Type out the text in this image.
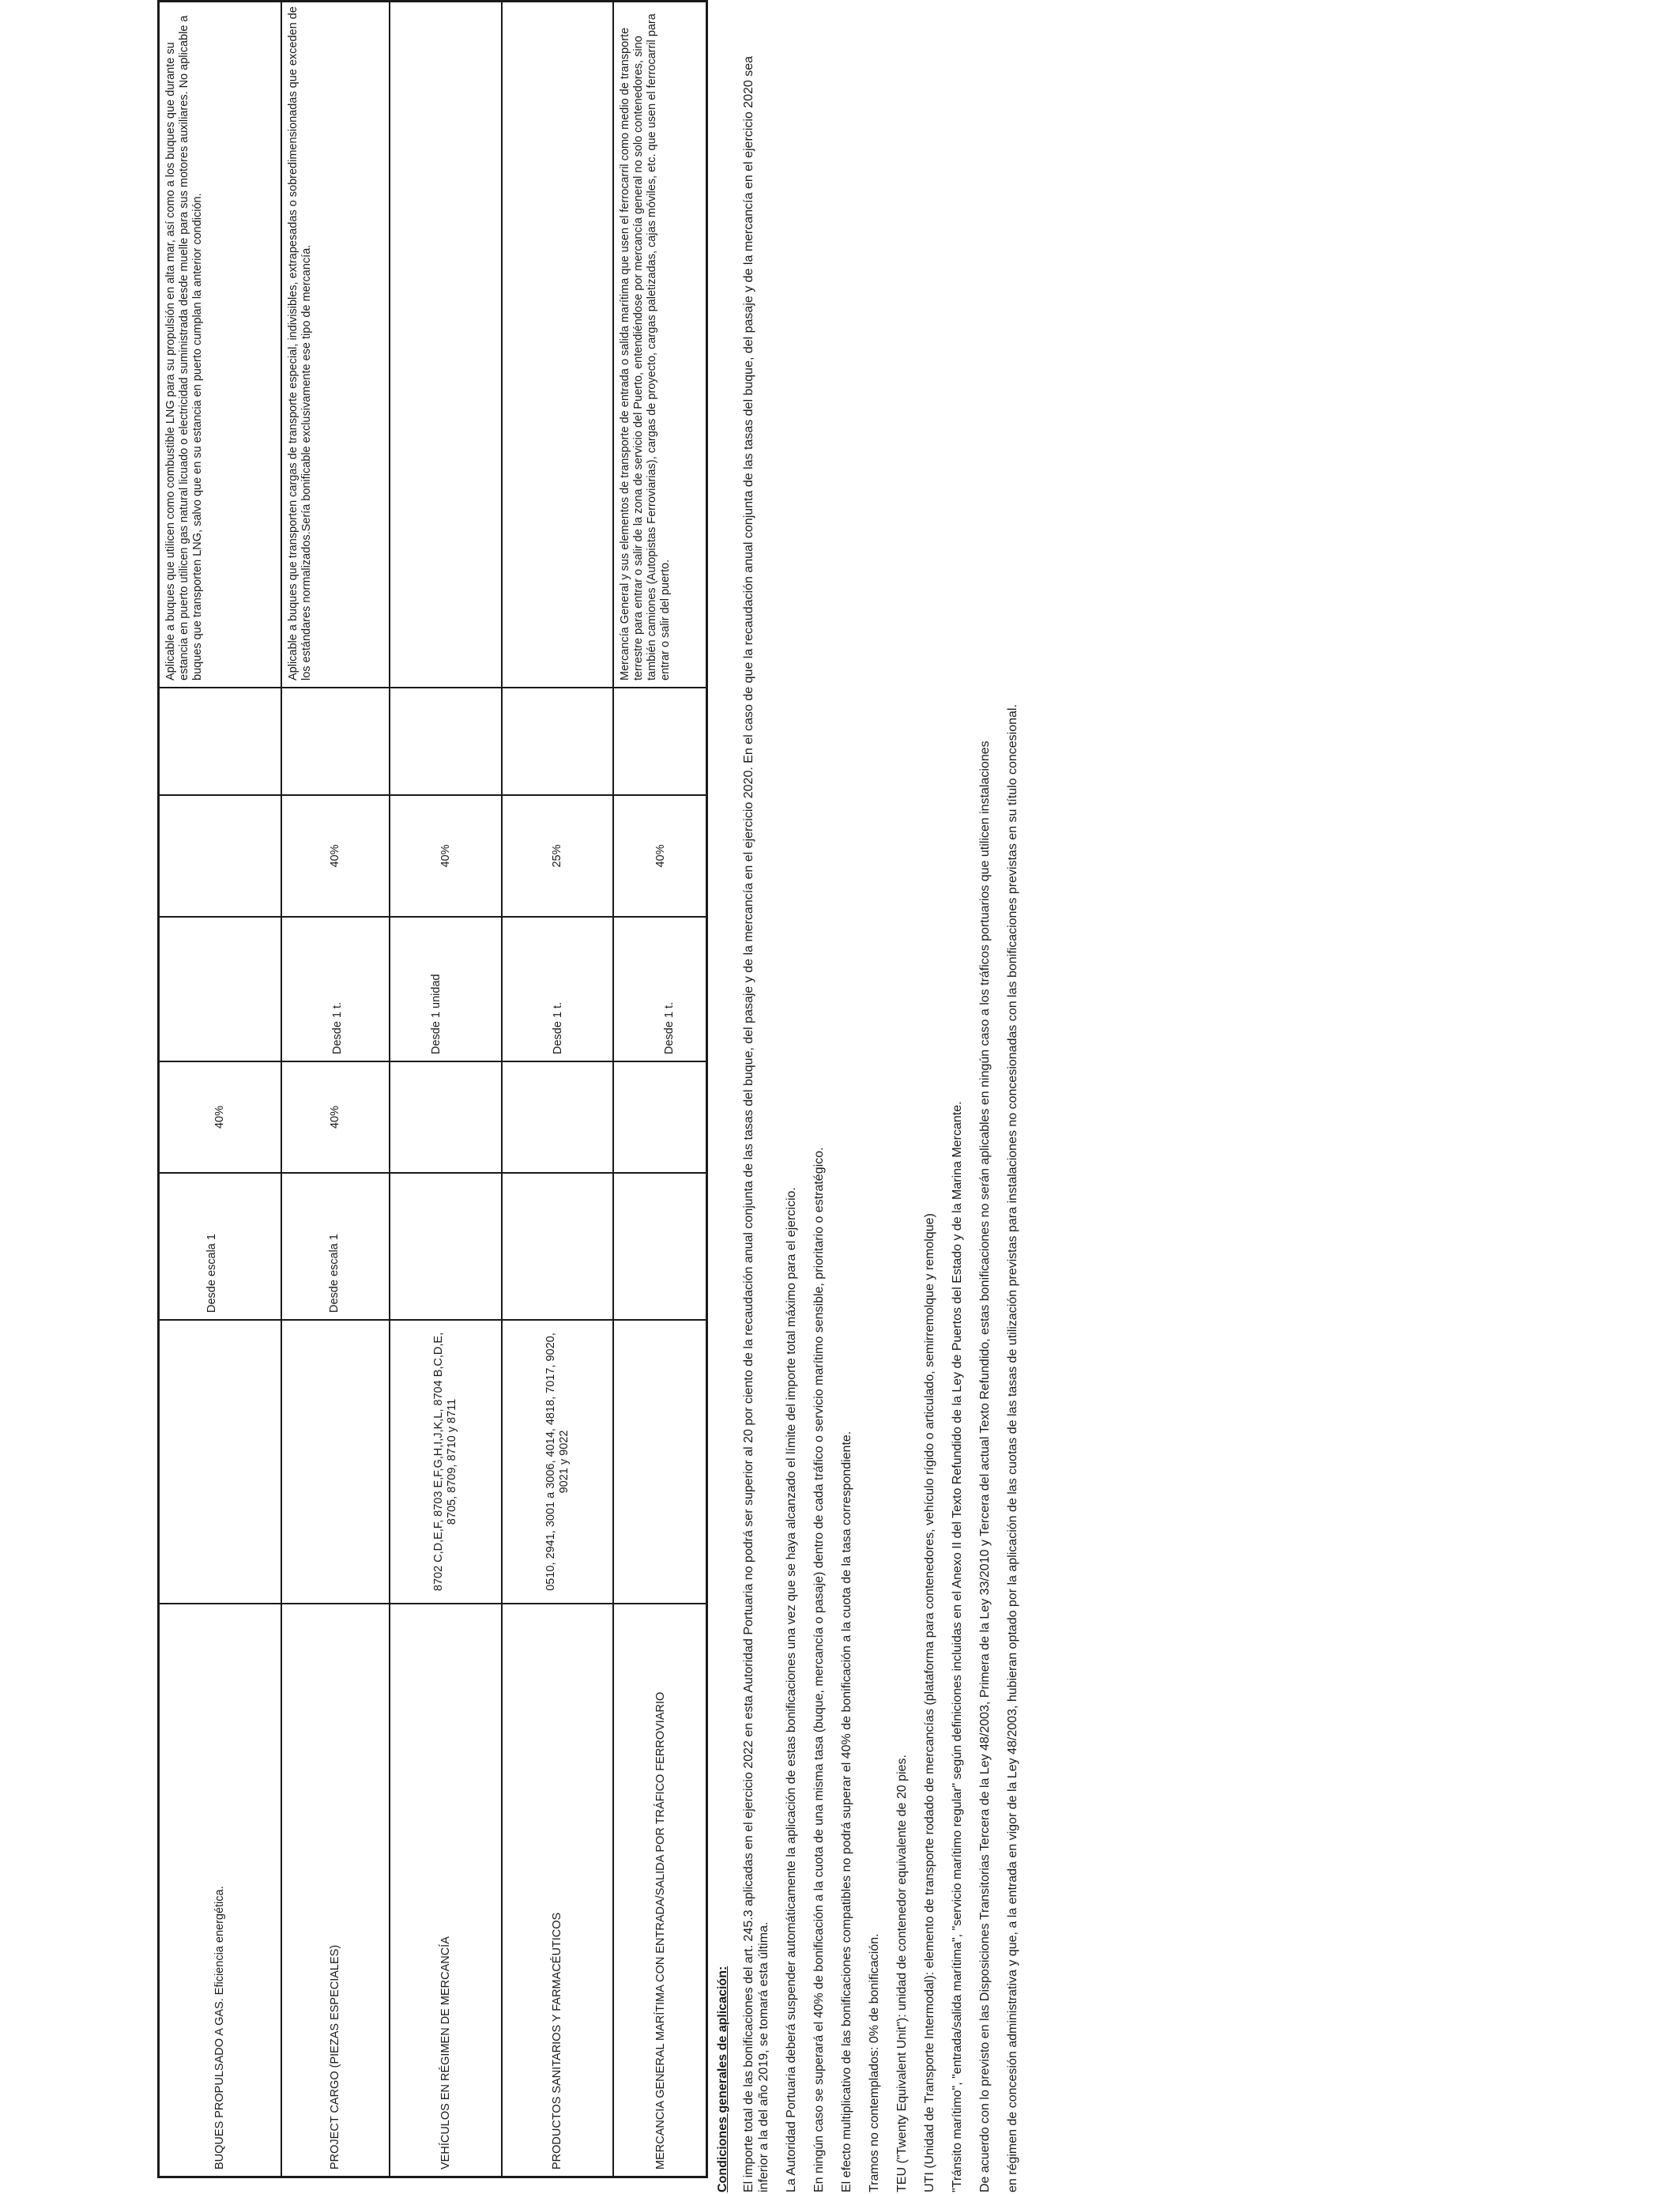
BUQUES PROPULSADO A GAS. Eficiencia energética.
Desde escala 1
40%
Aplicable a buques que utilicen como combustible LNG para su propulsión en alta mar, así como a los buques que durante su estancia en puerto utilicen gas natural licuado o electricidad suministrada desde muelle para sus motores auxiliares. No aplicable a buques que transporten LNG, salvo que en su estancia en puerto cumplan la anterior condición.
PROJECT CARGO (PIEZAS ESPECIALES)
Desde escala 1
40%
Desde 1 t.
40%
Aplicable a buques que transporten cargas de transporte especial, indivisibles, extrapesadas o sobredimensionadas que exceden de los estándares normalizados.Sería bonificable exclusivamente ese tipo de mercancía.
VEHÍCULOS EN RÉGIMEN DE MERCANCÍA
8702 C,D,E,F, 8703 E,F,G,H,I,J,K,L, 8704 B,C,D,E, 8705, 8709, 8710 y 8711
Desde 1 unidad
40%
PRODUCTOS SANITARIOS Y FARMACÉUTICOS
0510, 2941, 3001 a 3006, 4014, 4818, 7017, 9020, 9021 y 9022
Desde 1 t.
25%
MERCANCIA GENERAL MARÍTIMA CON ENTRADA/SALIDA POR TRÁFICO FERROVIARIO
Desde 1 t.
40%
Mercancía General y sus elementos de transporte de entrada o salida marítima que usen el ferrocarril como medio de transporte terrestre para entrar o salir de la zona de servicio del Puerto, entendiéndose por mercancía general no solo contenedores, sino también camiones (Autopistas Ferroviarias), cargas de proyecto, cargas paletizadas, cajas móviles, etc. que usen el ferrocarril para entrar o salir del puerto.
Condiciones generales de aplicación: El importe total de las bonificaciones del art. 245.3 aplicadas en el ejercicio 2022 en esta Autoridad Portuaria no podrá ser superior al 20 por ciento de la recaudación anual conjunta de las tasas del buque, del pasaje y de la mercancía en el ejercicio 2020. En el caso de que la recaudación anual conjunta de las tasas del buque, del pasaje y de la mercancía en el ejercicio 2020 sea inferior a la del año 2019, se tomará esta última. La Autoridad Portuaria deberá suspender automáticamente la aplicación de estas bonificaciones una vez que se haya alcanzado el límite del importe total máximo para el ejercicio. En ningún caso se superará el 40% de bonificación a la cuota de una misma tasa (buque, mercancía o pasaje) dentro de cada tráfico o servicio marítimo sensible, prioritario o estratégico. El efecto multiplicativo de las bonificaciones compatibles no podrá superar el 40% de bonificación a la cuota de la tasa correspondiente. Tramos no contemplados: 0% de bonificación. TEU ("Twenty Equivalent Unit"): unidad de contenedor equivalente de 20 pies. UTI (Unidad de Transporte Intermodal): elemento de transporte rodado de mercancías (plataforma para contenedores, vehículo rígido o articulado, semirremolque y remolque) "Tránsito marítimo", "entrada/salida marítima", "servicio marítimo regular" según definiciones incluidas en el Anexo II del Texto Refundido de la Ley de Puertos del Estado y de la Marina Mercante. De acuerdo con lo previsto en las Disposiciones Transitorias Tercera de la Ley 48/2003, Primera de la Ley 33/2010 y Tercera del actual Texto Refundido, estas bonificaciones no serán aplicables en ningún caso a los tráficos portuarios que utilicen instalaciones en régimen de concesión administrativa y que, a la entrada en vigor de la Ley 48/2003, hubieran optado por la aplicación de las cuotas de las tasas de utilización previstas para instalaciones no concesionadas con las bonificaciones previstas en su título concesional.
